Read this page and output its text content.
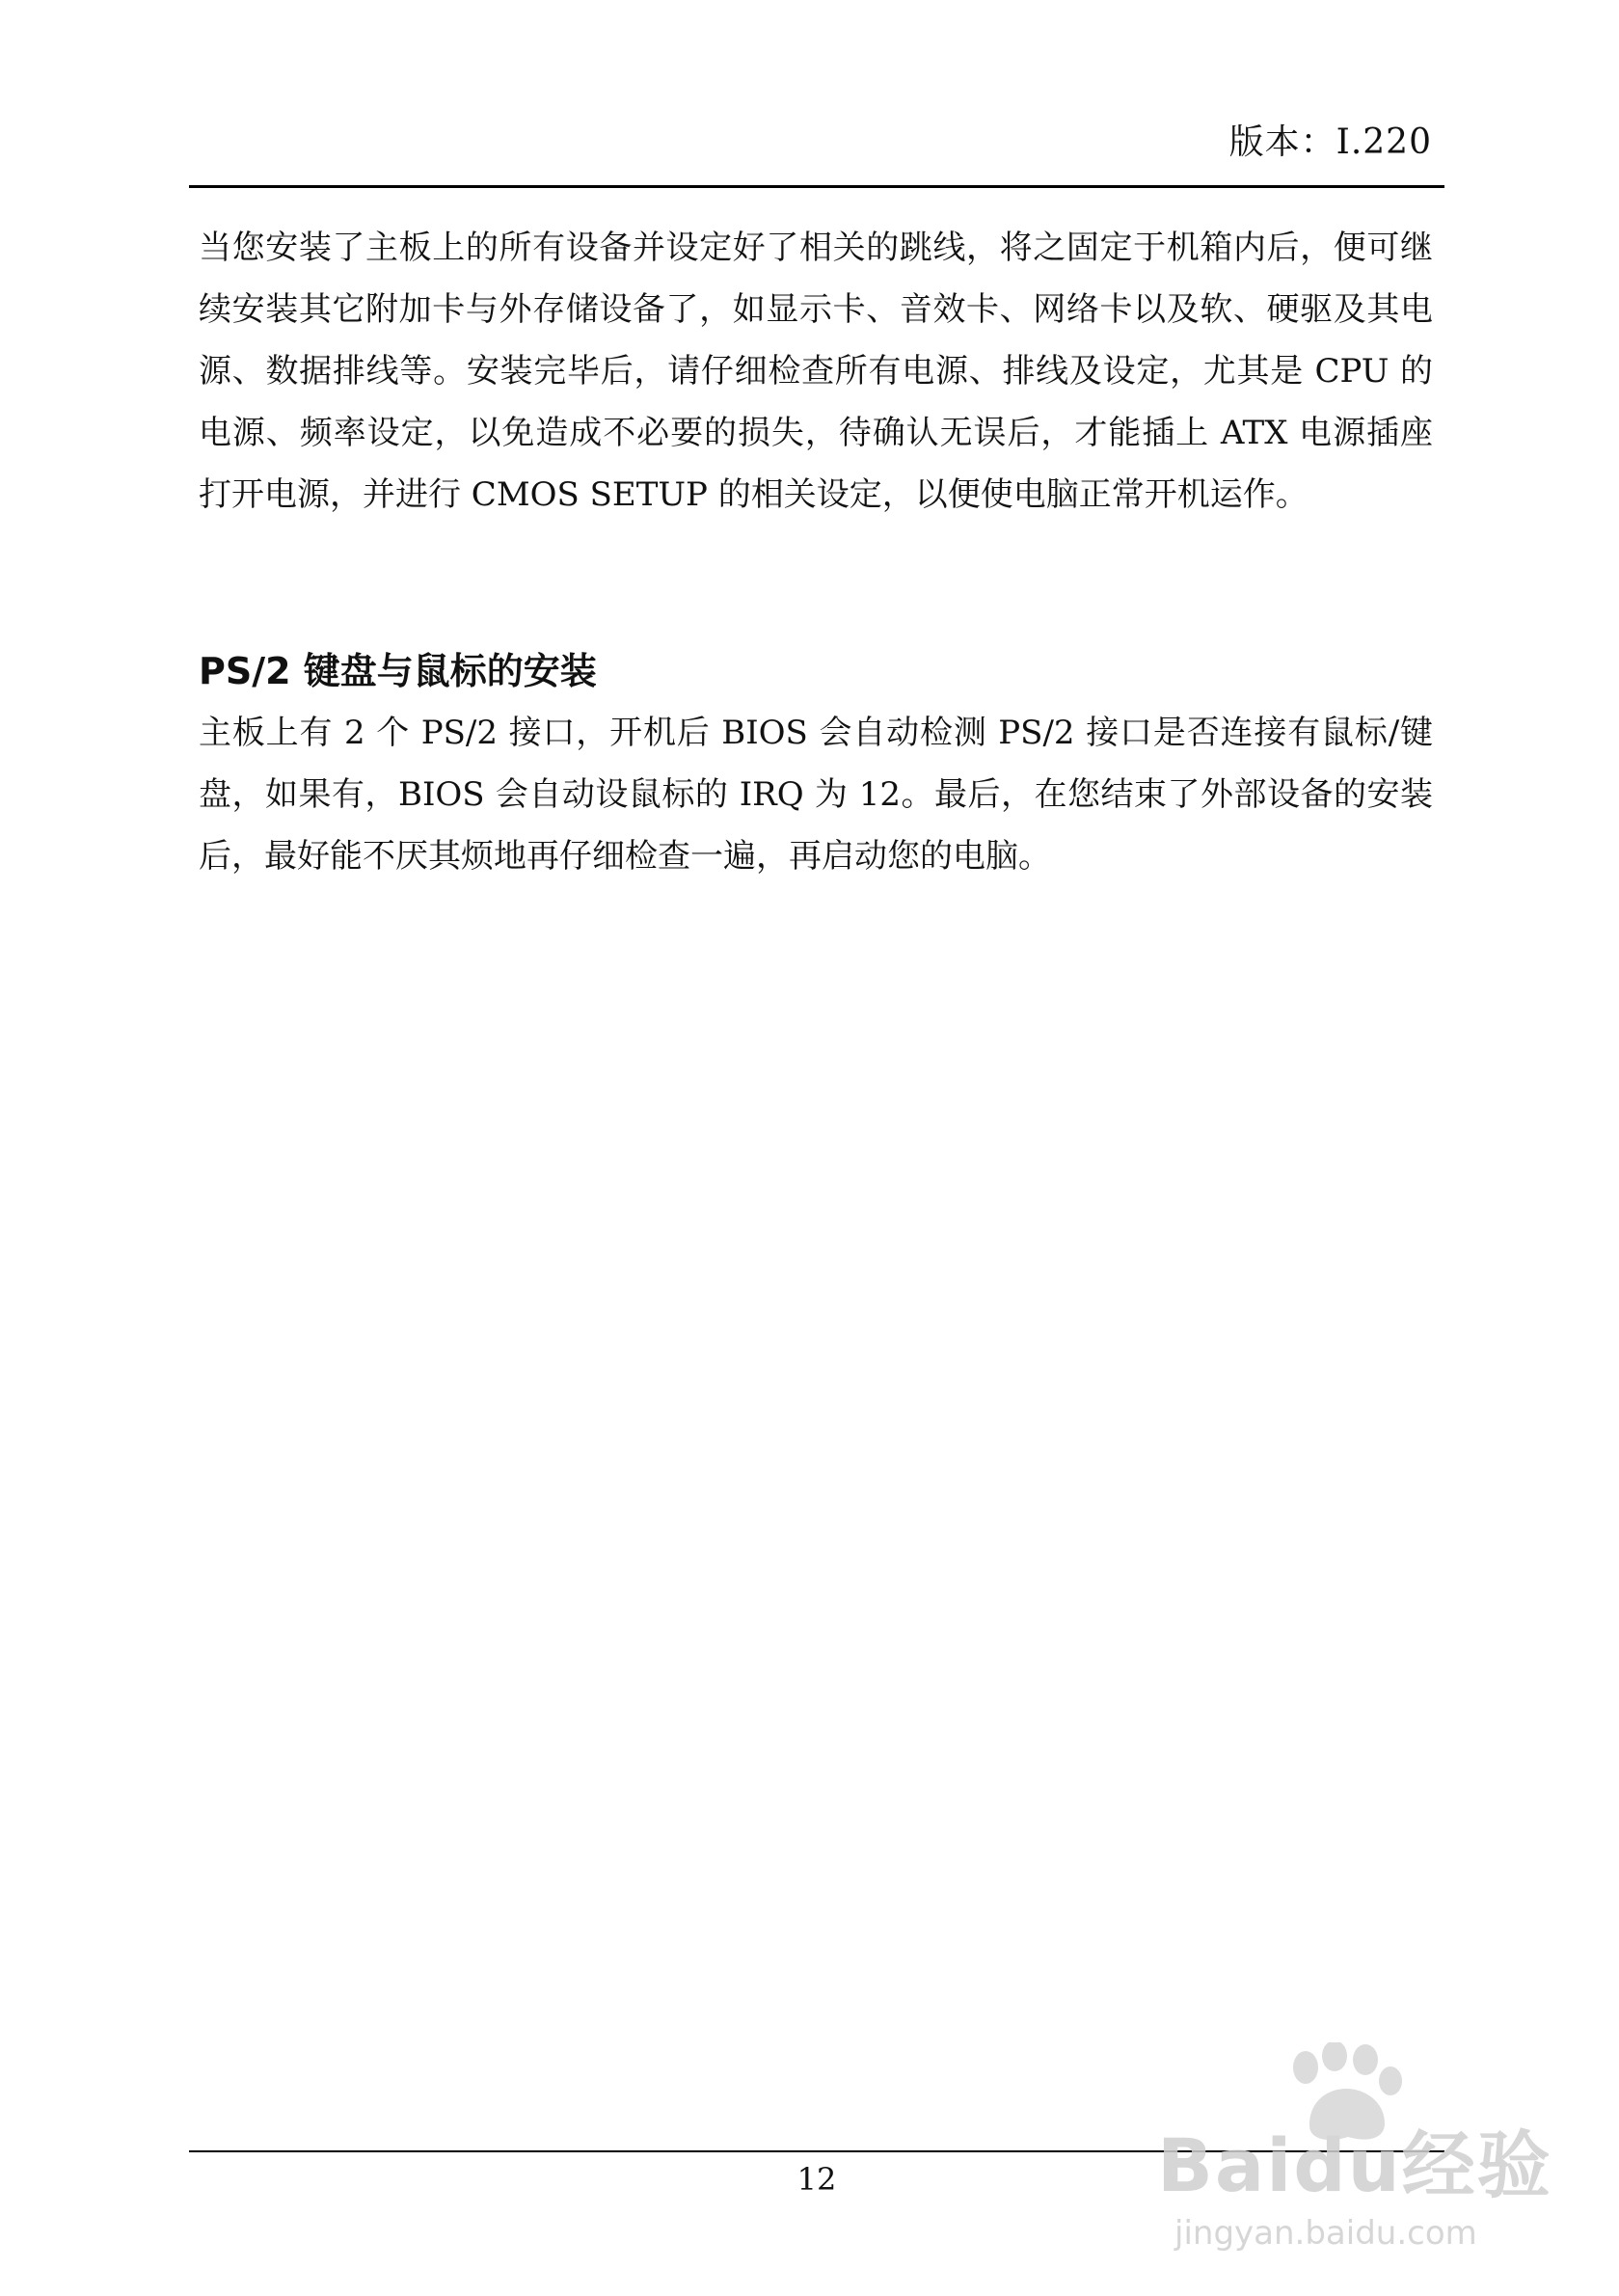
版本：I.220

当您安装了主板上的所有设备并设定好了相关的跳线，将之固定于机箱内后，便可继续安装其它附加卡与外存储设备了，如显示卡、音效卡、网络卡以及软、硬驱及其电源、数据排线等。安装完毕后，请仔细检查所有电源、排线及设定，尤其是 CPU 的电源、频率设定，以免造成不必要的损失，待确认无误后，才能插上 ATX 电源插座打开电源，并进行 CMOS SETUP 的相关设定，以便使电脑正常开机运作。

PS/2 键盘与鼠标的安装

主板上有 2 个 PS/2 接口，开机后 BIOS 会自动检测 PS/2 接口是否连接有鼠标/键盘，如果有，BIOS 会自动设鼠标的 IRQ 为 12。最后，在您结束了外部设备的安装后，最好能不厌其烦地再仔细检查一遍，再启动您的电脑。

12	Baidu经验
jingyan.baidu.com
